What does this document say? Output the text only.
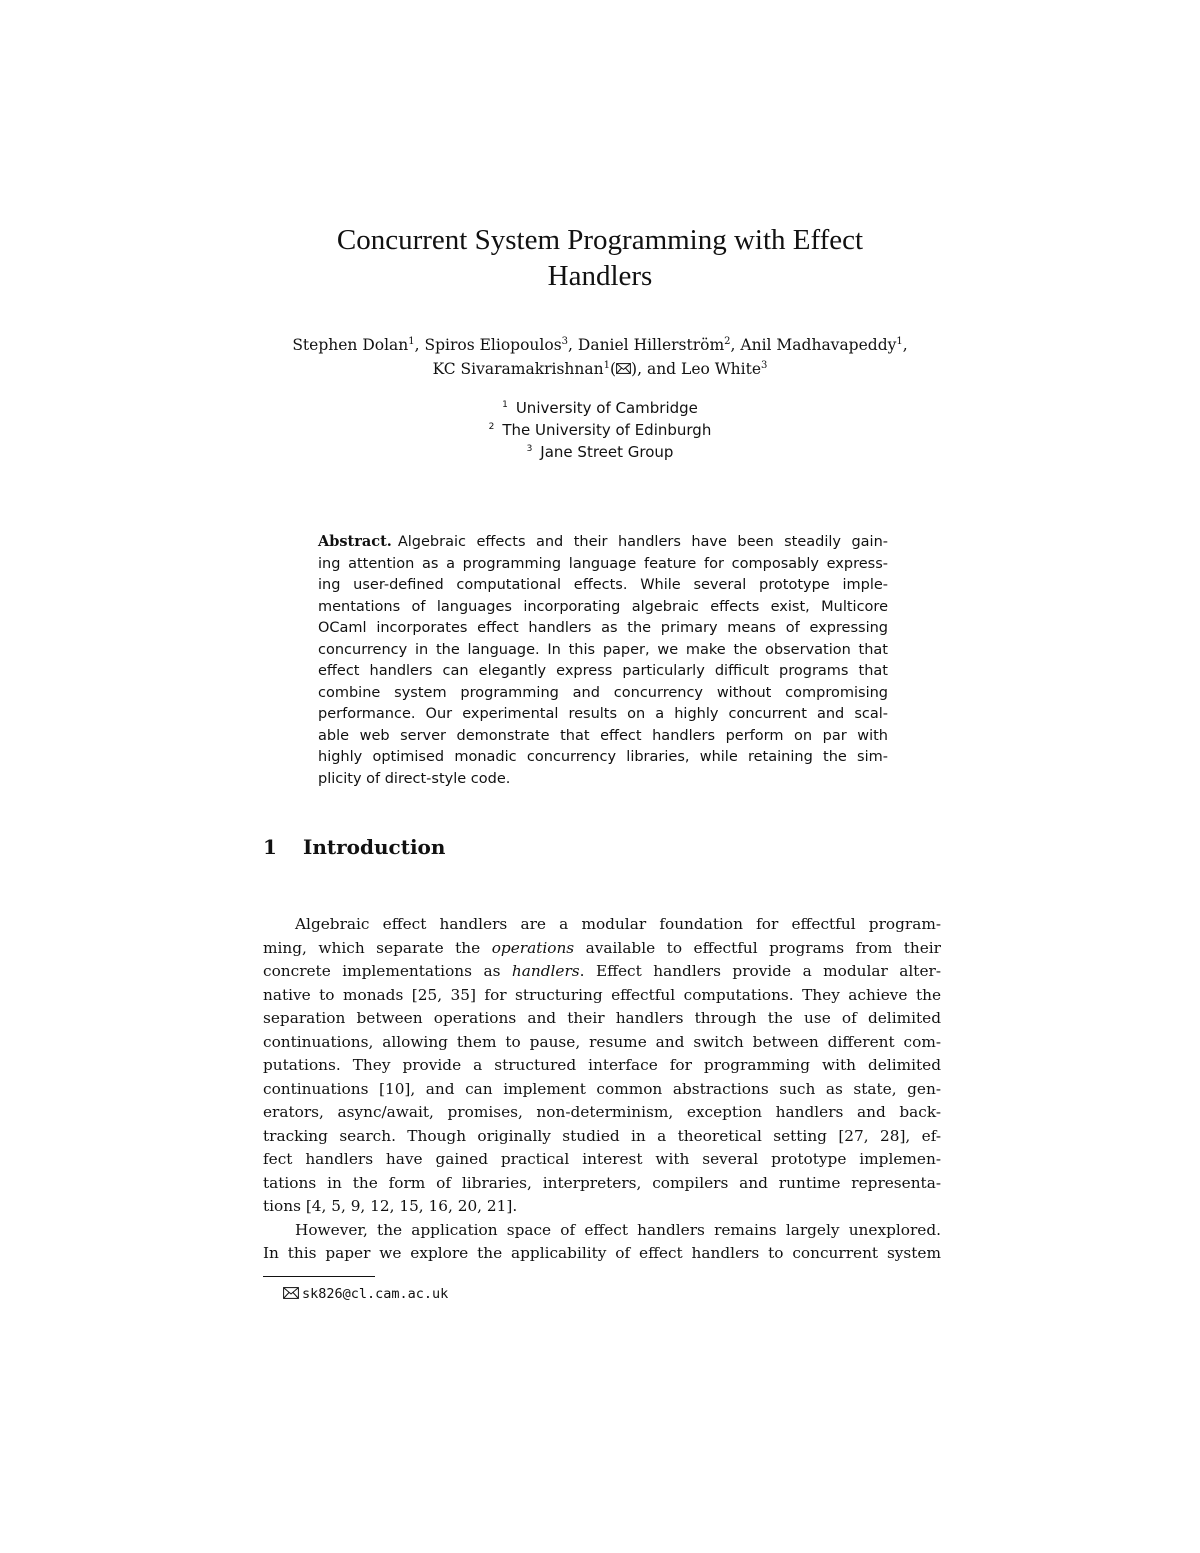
Concurrent System Programming with Effect
Handlers
Stephen Dolan$^1$, Spiros Eliopoulos$^3$, Daniel Hillerström$^2$, Anil Madhavapeddy$^1$,
KC Sivaramakrishnan$^1$( ), and Leo White$^3$
$^1$ University of Cambridge
$^2$ The University of Edinburgh
$^3$ Jane Street Group
Abstract. Algebraic effects and their handlers have been steadily gain-
ing attention as a programming language feature for composably express-
ing user-defined computational effects. While several prototype imple-
mentations of languages incorporating algebraic effects exist, Multicore
OCaml incorporates effect handlers as the primary means of expressing
concurrency in the language. In this paper, we make the observation that
effect handlers can elegantly express particularly difficult programs that
combine system programming and concurrency without compromising
performance. Our experimental results on a highly concurrent and scal-
able web server demonstrate that effect handlers perform on par with
highly optimised monadic concurrency libraries, while retaining the sim-
plicity of direct-style code.
1 Introduction
Algebraic effect handlers are a modular foundation for effectful program-
ming, which separate the operations available to effectful programs from their
concrete implementations as handlers. Effect handlers provide a modular alter-
native to monads [25, 35] for structuring effectful computations. They achieve the
separation between operations and their handlers through the use of delimited
continuations, allowing them to pause, resume and switch between different com-
putations. They provide a structured interface for programming with delimited
continuations [10], and can implement common abstractions such as state, gen-
erators, async/await, promises, non-determinism, exception handlers and back-
tracking search. Though originally studied in a theoretical setting [27, 28], ef-
fect handlers have gained practical interest with several prototype implemen-
tations in the form of libraries, interpreters, compilers and runtime representa-
tions [4, 5, 9, 12, 15, 16, 20, 21].
However, the application space of effect handlers remains largely unexplored.
In this paper we explore the applicability of effect handlers to concurrent system
sk826@cl.cam.ac.uk
